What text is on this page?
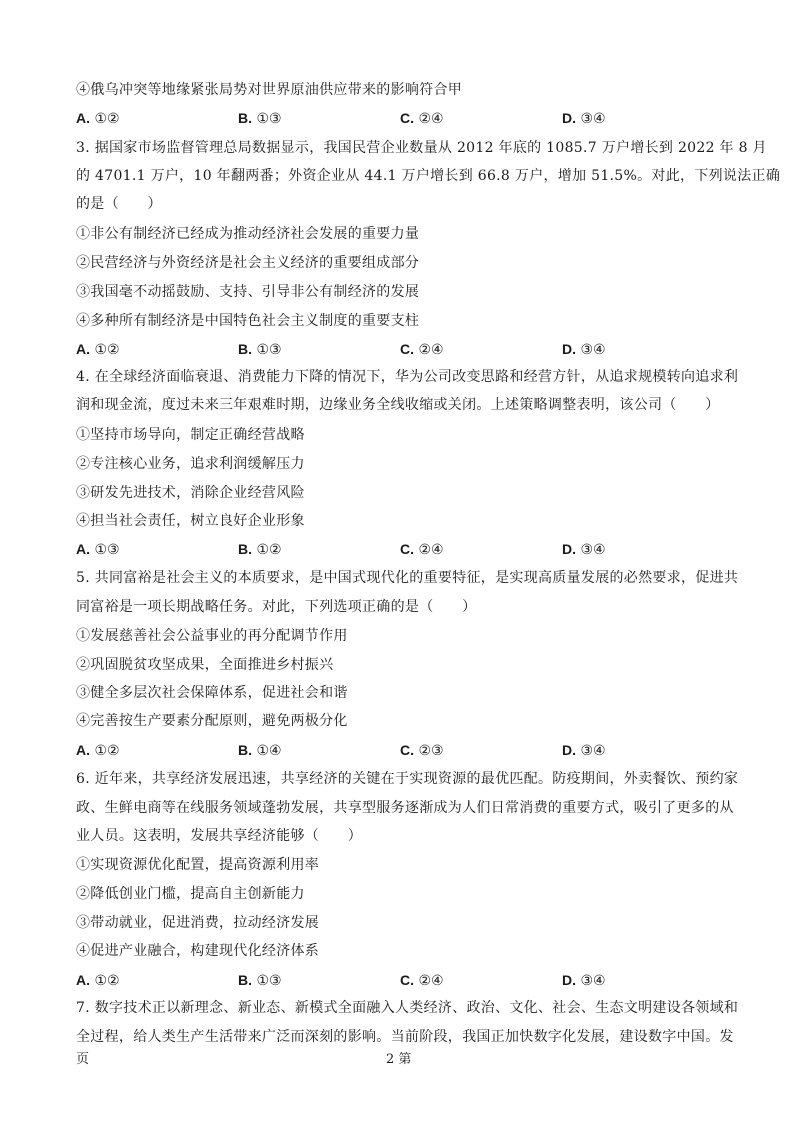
④俄乌冲突等地缘紧张局势对世界原油供应带来的影响符合甲
A. ①②	B. ①③	C. ②④	D. ③④
3. 据国家市场监督管理总局数据显示，我国民营企业数量从 2012 年底的 1085.7 万户增长到 2022 年 8 月
的 4701.1 万户，10 年翻两番；外资企业从 44.1 万户增长到 66.8 万户，增加 51.5%。对此，下列说法正确
的是（　　）
①非公有制经济已经成为推动经济社会发展的重要力量
②民营经济与外资经济是社会主义经济的重要组成部分
③我国毫不动摇鼓励、支持、引导非公有制经济的发展
④多种所有制经济是中国特色社会主义制度的重要支柱
A. ①②	B. ①③	C. ②④	D. ③④
4. 在全球经济面临衰退、消费能力下降的情况下，华为公司改变思路和经营方针，从追求规模转向追求利
润和现金流，度过未来三年艰难时期，边缘业务全线收缩或关闭。上述策略调整表明，该公司（　　）
①坚持市场导向，制定正确经营战略
②专注核心业务，追求利润缓解压力
③研发先进技术，消除企业经营风险
④担当社会责任，树立良好企业形象
A. ①③	B. ①②	C. ②④	D. ③④
5. 共同富裕是社会主义的本质要求，是中国式现代化的重要特征，是实现高质量发展的必然要求，促进共
同富裕是一项长期战略任务。对此，下列选项正确的是（　　）
①发展慈善社会公益事业的再分配调节作用
②巩固脱贫攻坚成果，全面推进乡村振兴
③健全多层次社会保障体系，促进社会和谐
④完善按生产要素分配原则，避免两极分化
A. ①②	B. ①④	C. ②③	D. ③④
6. 近年来，共享经济发展迅速，共享经济的关键在于实现资源的最优匹配。防疫期间，外卖餐饮、预约家
政、生鲜电商等在线服务领域蓬勃发展，共享型服务逐渐成为人们日常消费的重要方式，吸引了更多的从
业人员。这表明，发展共享经济能够（　　）
①实现资源优化配置，提高资源利用率
②降低创业门槛，提高自主创新能力
③带动就业，促进消费，拉动经济发展
④促进产业融合，构建现代化经济体系
A. ①②	B. ①③	C. ②④	D. ③④
7. 数字技术正以新理念、新业态、新模式全面融入人类经济、政治、文化、社会、生态文明建设各领域和
全过程，给人类生产生活带来广泛而深刻的影响。当前阶段，我国正加快数字化发展，建设数字中国。发
页	2 第
